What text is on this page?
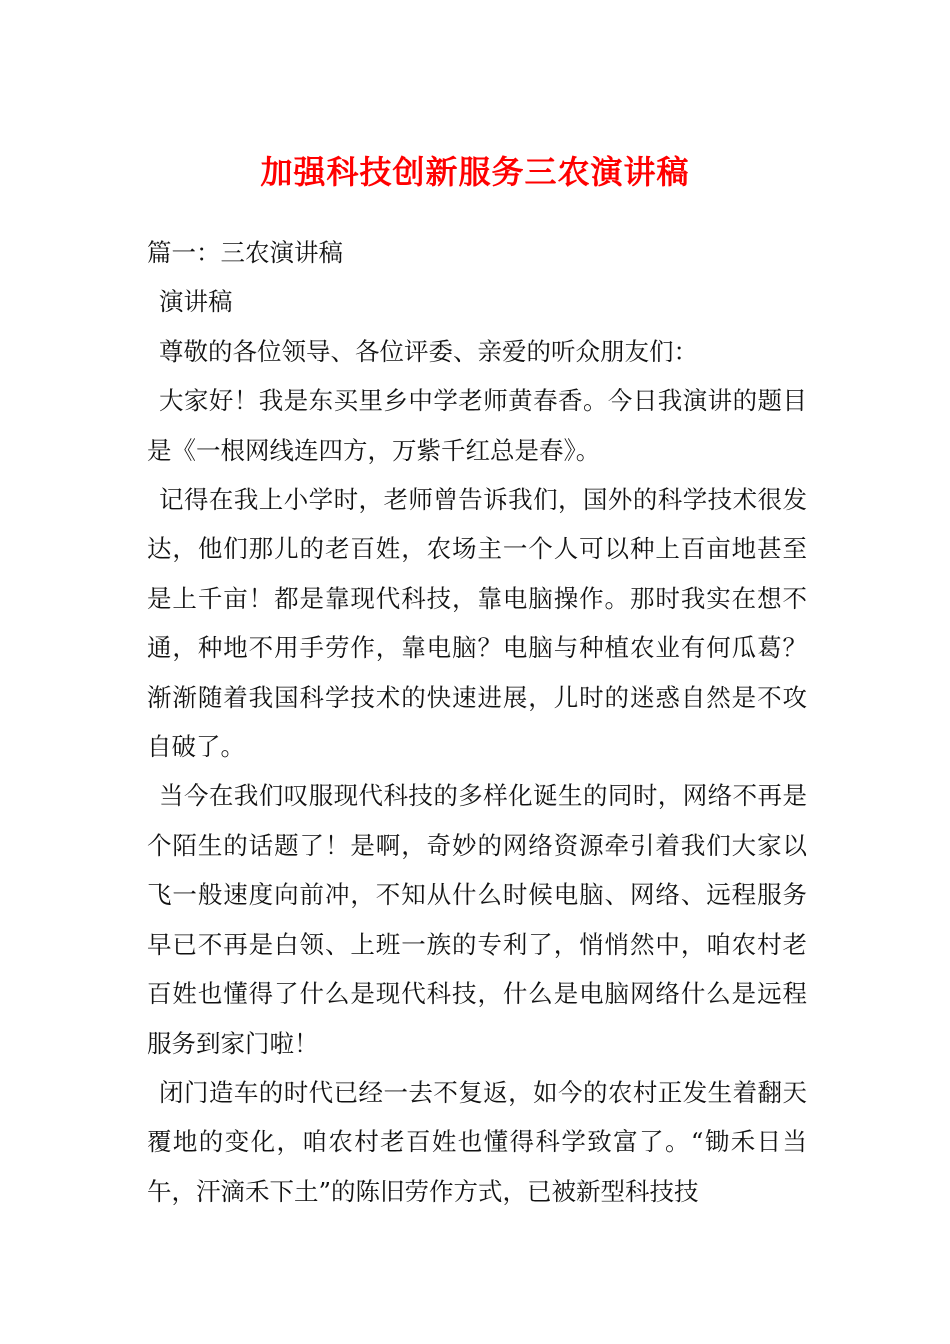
加强科技创新服务三农演讲稿

篇一：三农演讲稿

演讲稿

尊敬的各位领导、各位评委、亲爱的听众朋友们：

大家好！我是东买里乡中学老师黄春香。今日我演讲的题目是《一根网线连四方，万紫千红总是春》。

记得在我上小学时，老师曾告诉我们，国外的科学技术很发达，他们那儿的老百姓，农场主一个人可以种上百亩地甚至是上千亩！都是靠现代科技，靠电脑操作。那时我实在想不通，种地不用手劳作，靠电脑？电脑与种植农业有何瓜葛？渐渐随着我国科学技术的快速进展，儿时的迷惑自然是不攻自破了。

当今在我们叹服现代科技的多样化诞生的同时，网络不再是个陌生的话题了！是啊，奇妙的网络资源牵引着我们大家以飞一般速度向前冲，不知从什么时候电脑、网络、远程服务早已不再是白领、上班一族的专利了，悄悄然中，咱农村老百姓也懂得了什么是现代科技，什么是电脑网络什么是远程服务到家门啦！

闭门造车的时代已经一去不复返，如今的农村正发生着翻天覆地的变化，咱农村老百姓也懂得科学致富了。“锄禾日当午，汗滴禾下土”的陈旧劳作方式，已被新型科技技
